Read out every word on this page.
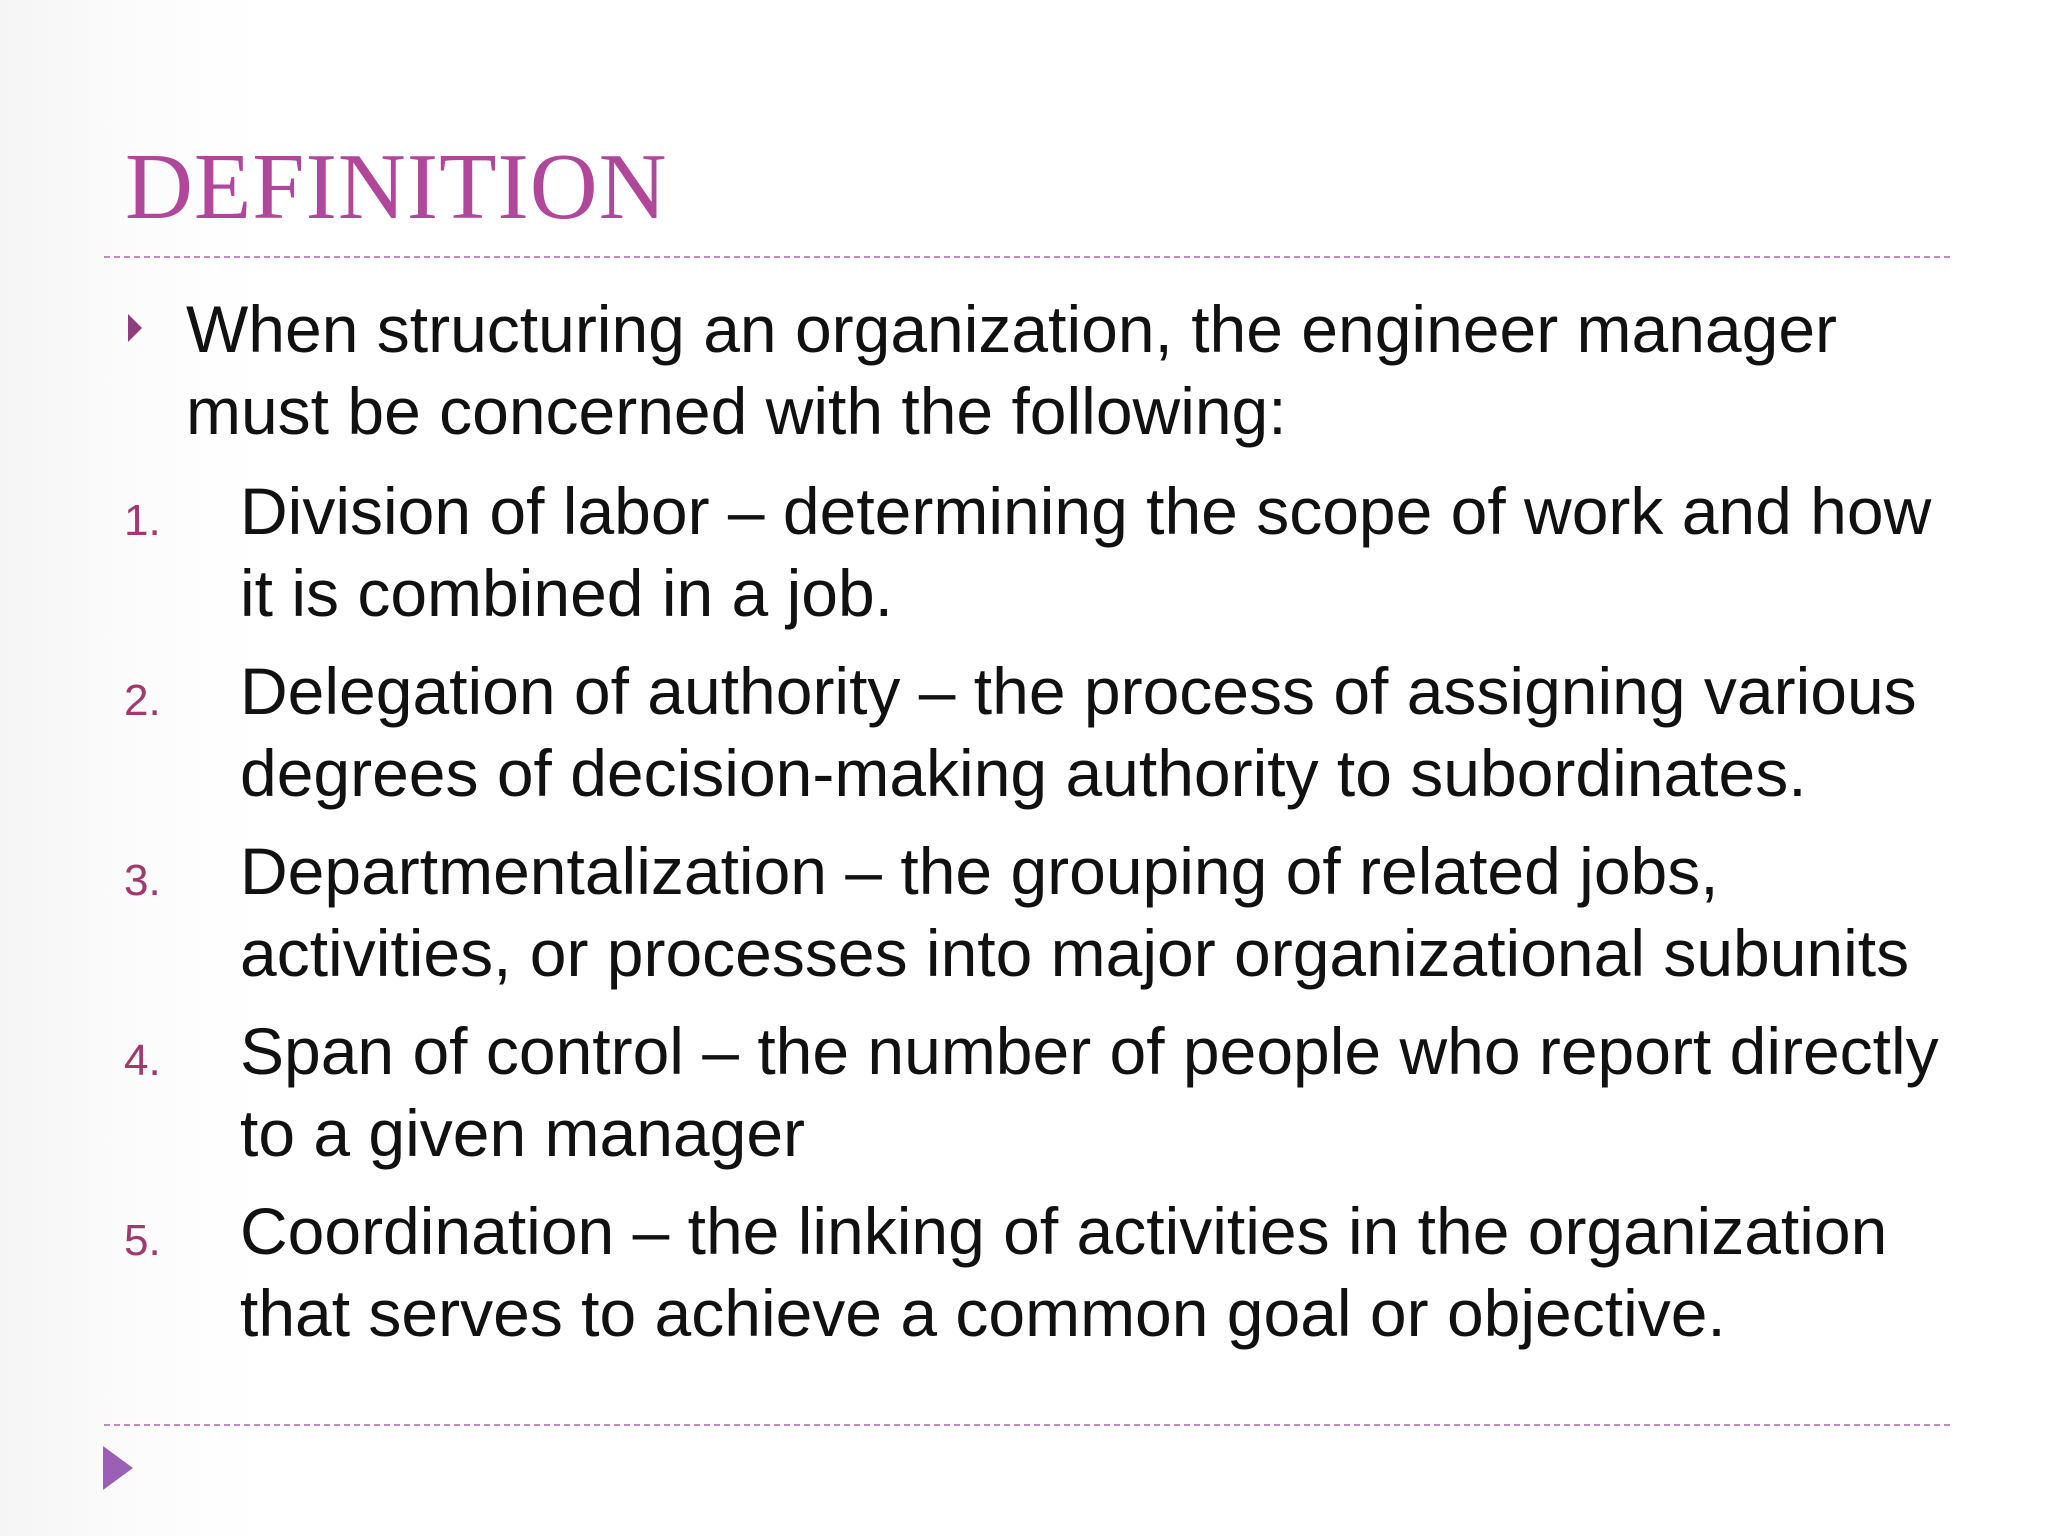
DEFINITION

When structuring an organization, the engineer manager must be concerned with the following:

1. Division of labor – determining the scope of work and how it is combined in a job.
2. Delegation of authority – the process of assigning various degrees of decision-making authority to subordinates.
3. Departmentalization – the grouping of related jobs, activities, or processes into major organizational subunits
4. Span of control – the number of people who report directly to a given manager
5. Coordination – the linking of activities in the organization that serves to achieve a common goal or objective.
